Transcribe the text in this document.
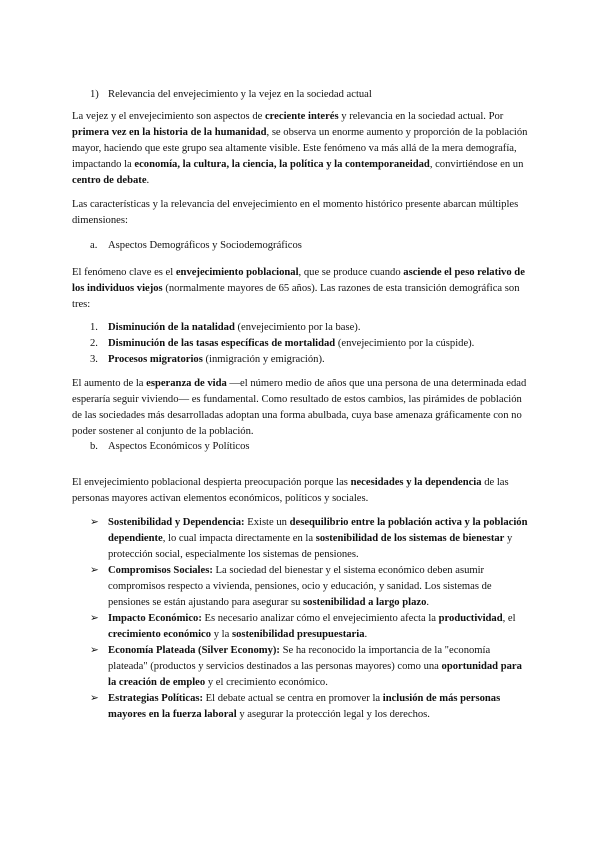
1) Relevancia del envejecimiento y la vejez en la sociedad actual

La vejez y el envejecimiento son aspectos de creciente interés y relevancia en la sociedad actual. Por primera vez en la historia de la humanidad, se observa un enorme aumento y proporción de la población mayor, haciendo que este grupo sea altamente visible. Este fenómeno va más allá de la mera demografía, impactando la economía, la cultura, la ciencia, la política y la contemporaneidad, convirtiéndose en un centro de debate.

Las características y la relevancia del envejecimiento en el momento histórico presente abarcan múltiples dimensiones:

a. Aspectos Demográficos y Sociodemográficos

El fenómeno clave es el envejecimiento poblacional, que se produce cuando asciende el peso relativo de los individuos viejos (normalmente mayores de 65 años). Las razones de esta transición demográfica son tres:

1. Disminución de la natalidad (envejecimiento por la base).
2. Disminución de las tasas específicas de mortalidad (envejecimiento por la cúspide).
3. Procesos migratorios (inmigración y emigración).

El aumento de la esperanza de vida —el número medio de años que una persona de una determinada edad esperaría seguir viviendo— es fundamental. Como resultado de estos cambios, las pirámides de población de las sociedades más desarrolladas adoptan una forma abulbada, cuya base amenaza gráficamente con no poder sostener al conjunto de la población.

b. Aspectos Económicos y Políticos

El envejecimiento poblacional despierta preocupación porque las necesidades y la dependencia de las personas mayores activan elementos económicos, políticos y sociales.

➢ Sostenibilidad y Dependencia: Existe un desequilibrio entre la población activa y la población dependiente, lo cual impacta directamente en la sostenibilidad de los sistemas de bienestar y protección social, especialmente los sistemas de pensiones.
➢ Compromisos Sociales: La sociedad del bienestar y el sistema económico deben asumir compromisos respecto a vivienda, pensiones, ocio y educación, y sanidad. Los sistemas de pensiones se están ajustando para asegurar su sostenibilidad a largo plazo.
➢ Impacto Económico: Es necesario analizar cómo el envejecimiento afecta la productividad, el crecimiento económico y la sostenibilidad presupuestaria.
➢ Economía Plateada (Silver Economy): Se ha reconocido la importancia de la "economía plateada" (productos y servicios destinados a las personas mayores) como una oportunidad para la creación de empleo y el crecimiento económico.
➢ Estrategias Políticas: El debate actual se centra en promover la inclusión de más personas mayores en la fuerza laboral y asegurar la protección legal y los derechos.
